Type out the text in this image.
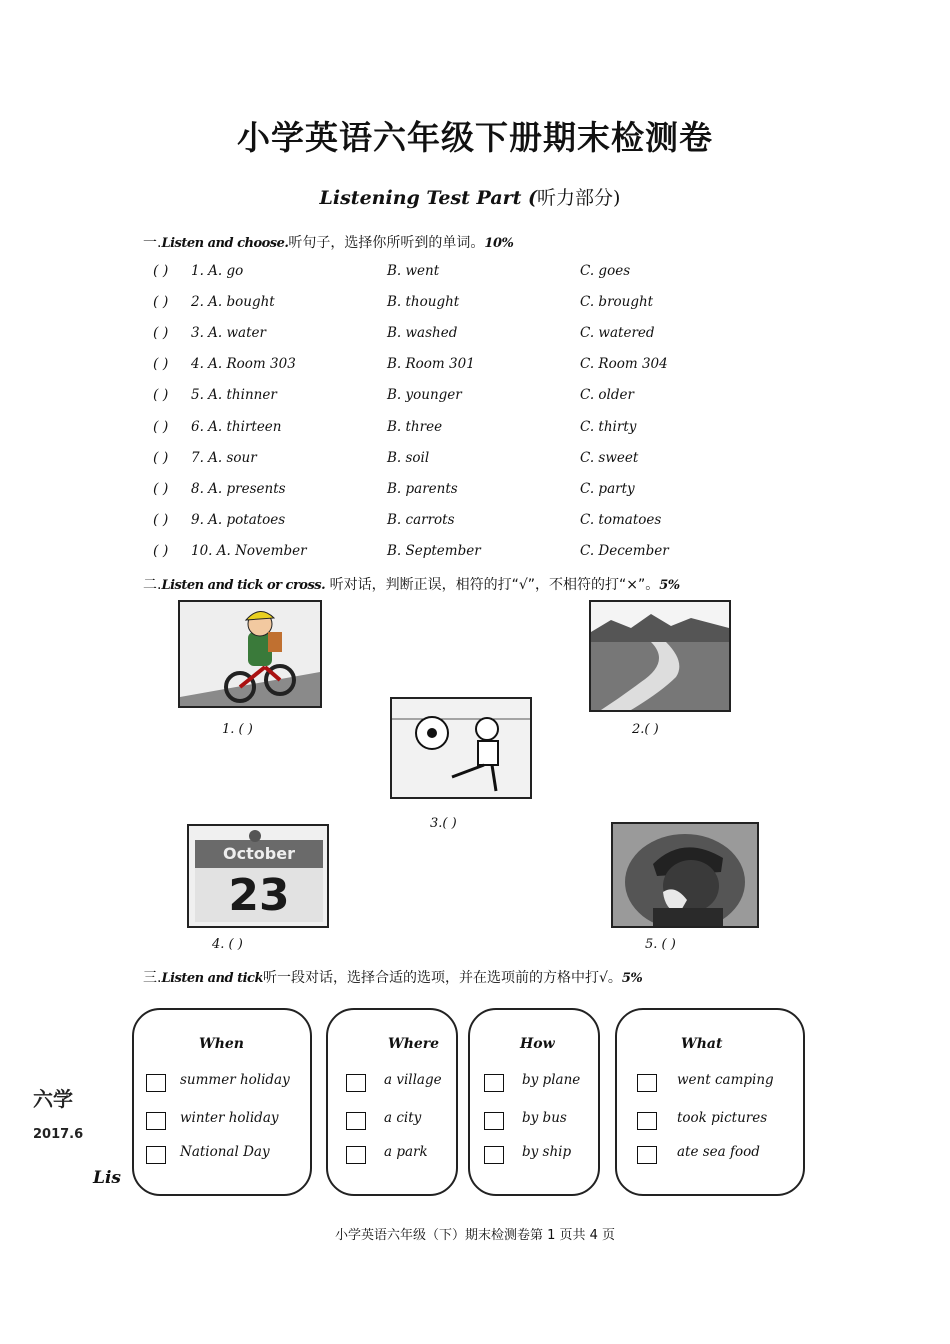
小学英语六年级下册期末检测卷
Listening Test Part (听力部分)
一.Listen and choose.听句子，选择你所听到的单词。10%
( ) 1. A. go	B. went	C. goes
( ) 2. A. bought	B. thought	C. brought
( ) 3. A. water	B. washed	C. watered
( ) 4. A. Room 303	B. Room 301	C. Room 304
( ) 5. A. thinner	B. younger	C. older
( ) 6. A. thirteen	B. three	C. thirty
( ) 7. A. sour	B. soil	C. sweet
( ) 8. A. presents	B. parents	C. party
( ) 9. A. potatoes	B. carrots	C. tomatoes
( ) 10. A. November	B. September	C. December
二.Listen and tick or cross. 听对话，判断正误，相符的打“√”，不相符的打“×”。5%
1. ( )	2.( )
3.( )
October
23
4. ( )	5. ( )
三.Listen and tick听一段对话，选择合适的选项，并在选项前的方格中打√。5%
When
summer holiday
winter holiday
National Day
Where
a village
a city
a park
How
by plane
by bus
by ship
What
went camping
took pictures
ate sea food
六学
2017.6
Lis
小学英语六年级（下）期末检测卷第 1 页共 4 页
